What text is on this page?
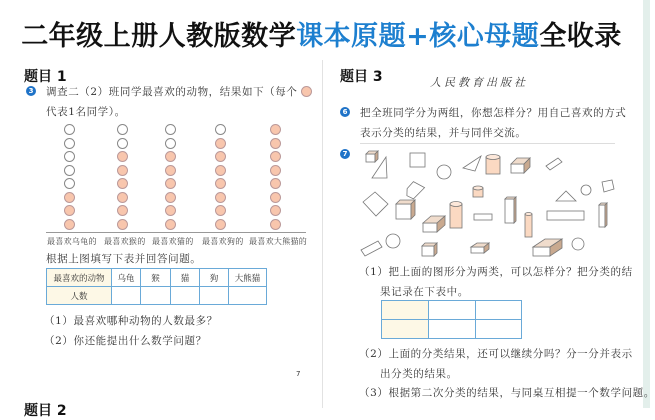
二年级上册人教版数学课本原题+核心母题全收录
题目 1
3 调查二（2）班同学最喜欢的动物，结果如下（每个
代表1名同学）。
最喜欢乌龟的 最喜欢猴的 最喜欢猫的 最喜欢狗的 最喜欢大熊猫的
根据上图填写下表并回答问题。
最喜欢的动物	乌龟	猴	猫	狗	大熊猫
人数					
（1）最喜欢哪种动物的人数最多？
（2）你还能提出什么数学问题？
7
题目 2
题目 3	人民教育出版社
6 把全班同学分为两组，你想怎样分？用自己喜欢的方式
表示分类的结果，并与同伴交流。
7
（1）把上面的图形分为两类，可以怎样分？把分类的结
果记录在下表中。

（2）上面的分类结果，还可以继续分吗？分一分并表示
出分类的结果。
（3）根据第二次分类的结果，与同桌互相提一个数学问题。
